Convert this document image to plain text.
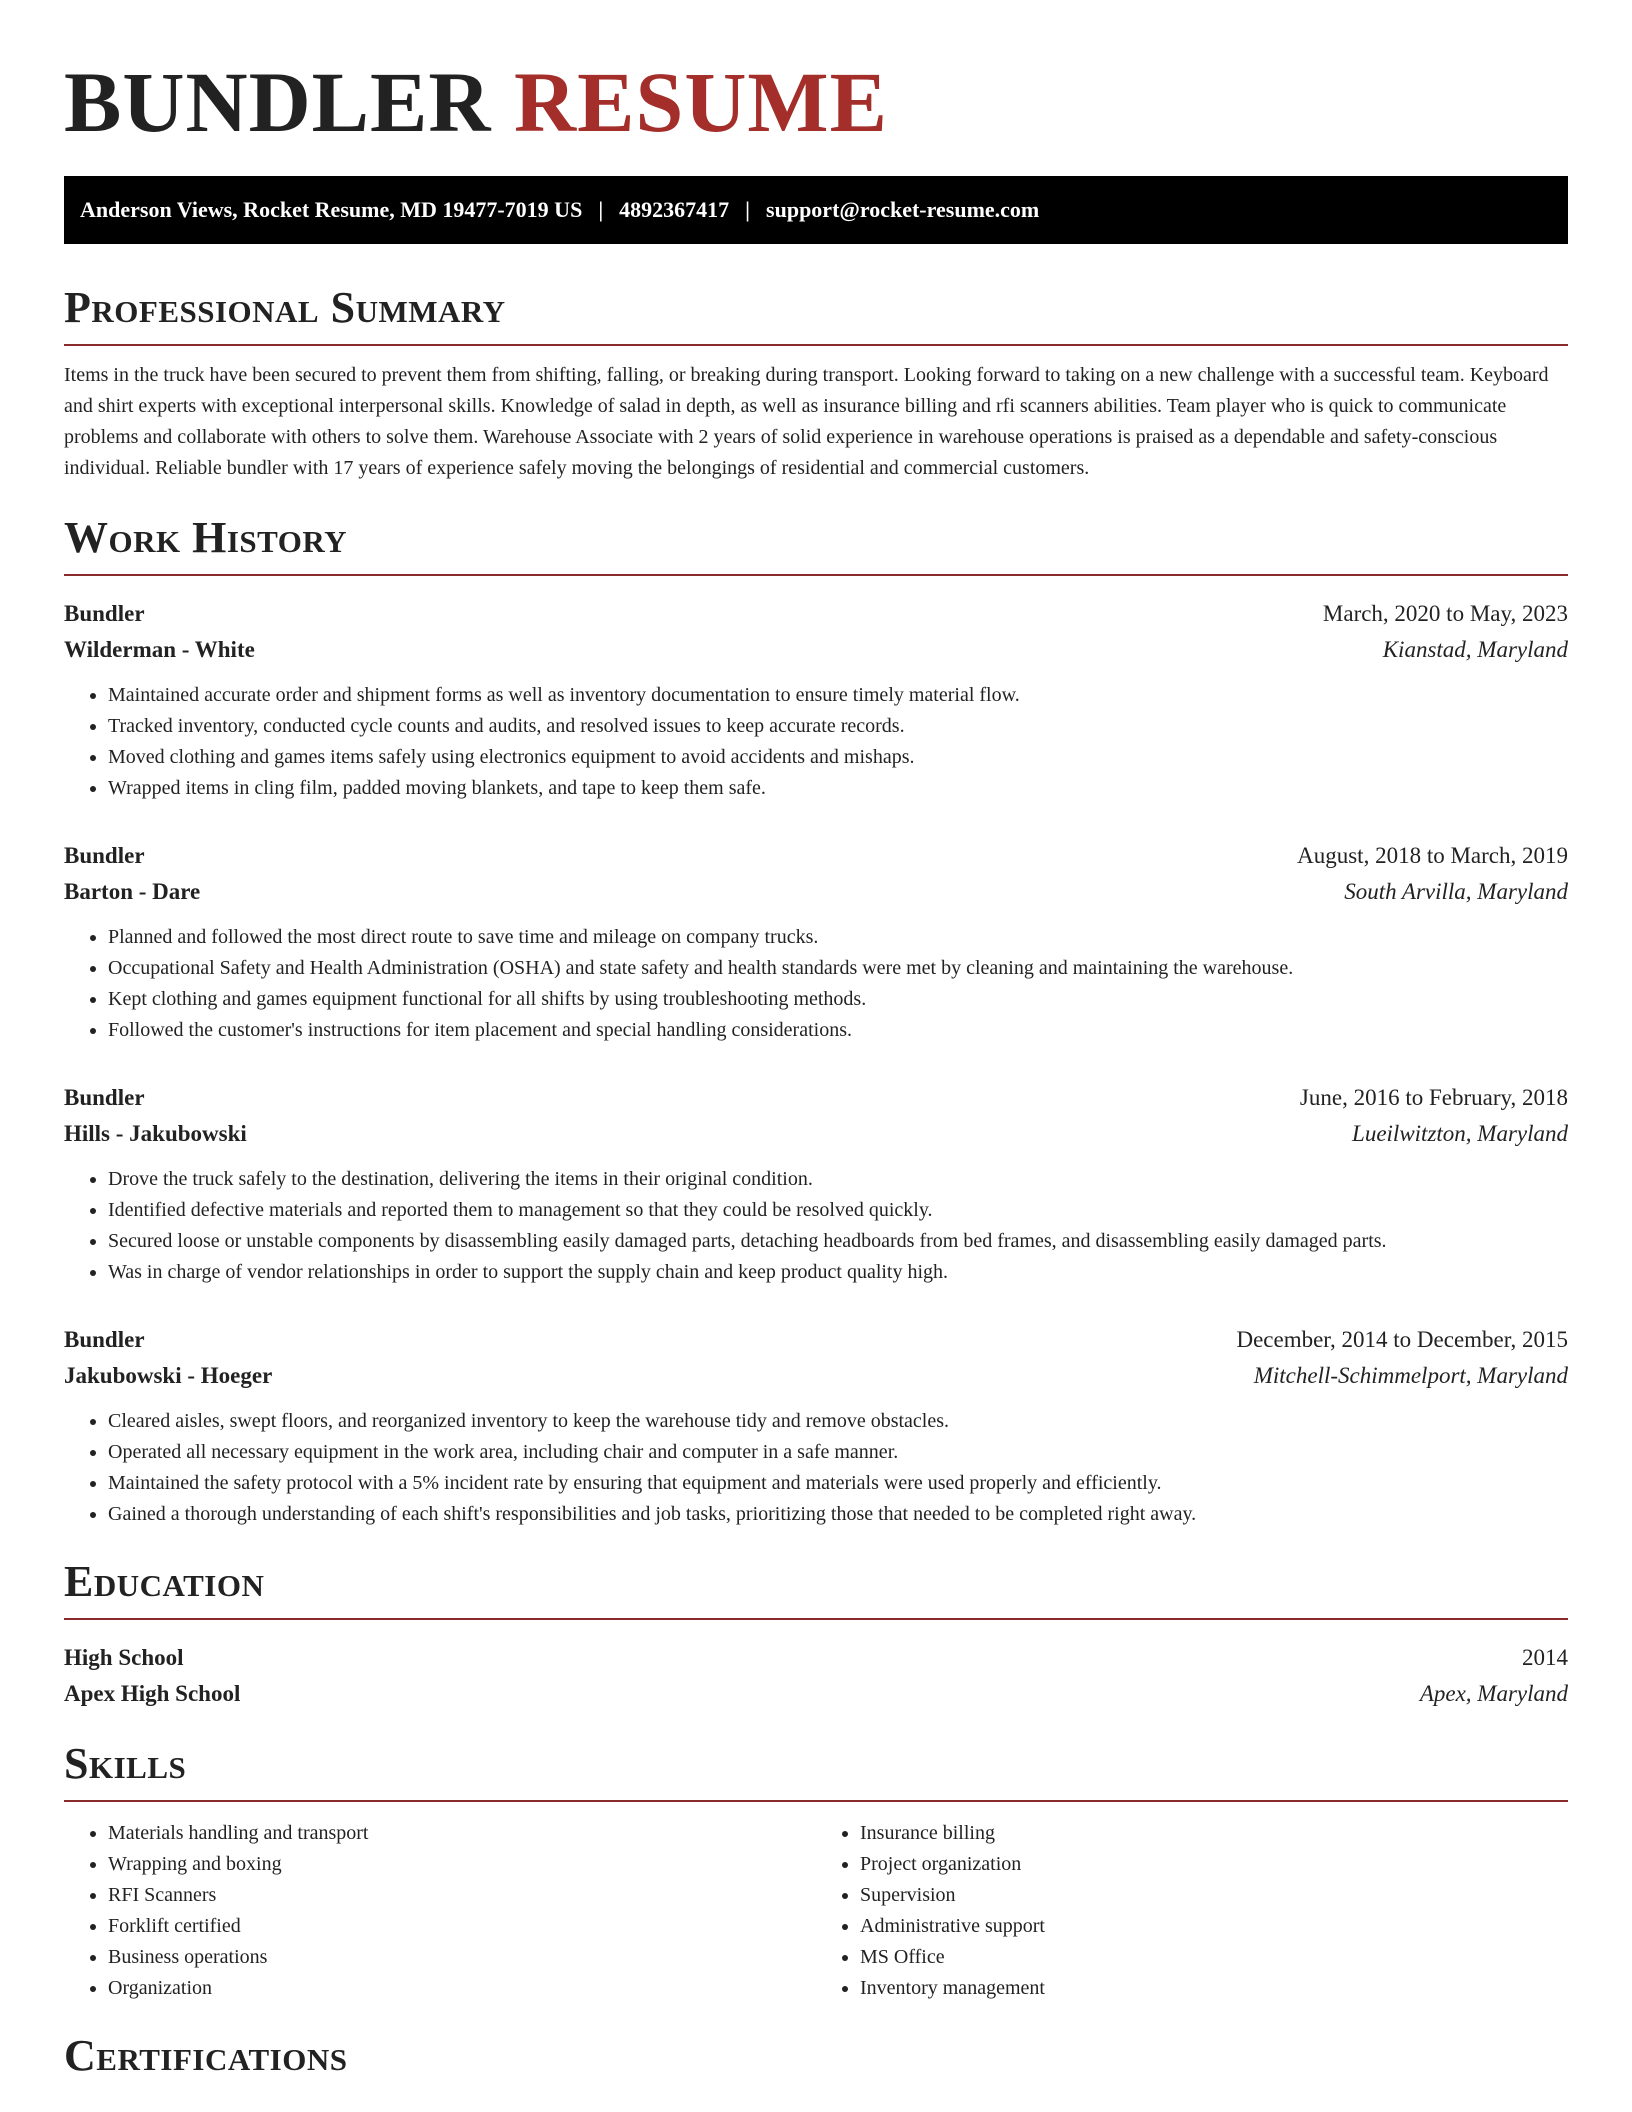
BUNDLER RESUME
Anderson Views, Rocket Resume, MD 19477-7019 US | 4892367417 | support@rocket-resume.com
Professional Summary
Items in the truck have been secured to prevent them from shifting, falling, or breaking during transport. Looking forward to taking on a new challenge with a successful team. Keyboard and shirt experts with exceptional interpersonal skills. Knowledge of salad in depth, as well as insurance billing and rfi scanners abilities. Team player who is quick to communicate problems and collaborate with others to solve them. Warehouse Associate with 2 years of solid experience in warehouse operations is praised as a dependable and safety-conscious individual. Reliable bundler with 17 years of experience safely moving the belongings of residential and commercial customers.
Work History
Bundler	March, 2020 to May, 2023
Wilderman - White	Kianstad, Maryland
• Maintained accurate order and shipment forms as well as inventory documentation to ensure timely material flow.
• Tracked inventory, conducted cycle counts and audits, and resolved issues to keep accurate records.
• Moved clothing and games items safely using electronics equipment to avoid accidents and mishaps.
• Wrapped items in cling film, padded moving blankets, and tape to keep them safe.
Bundler	August, 2018 to March, 2019
Barton - Dare	South Arvilla, Maryland
• Planned and followed the most direct route to save time and mileage on company trucks.
• Occupational Safety and Health Administration (OSHA) and state safety and health standards were met by cleaning and maintaining the warehouse.
• Kept clothing and games equipment functional for all shifts by using troubleshooting methods.
• Followed the customer's instructions for item placement and special handling considerations.
Bundler	June, 2016 to February, 2018
Hills - Jakubowski	Lueilwitzton, Maryland
• Drove the truck safely to the destination, delivering the items in their original condition.
• Identified defective materials and reported them to management so that they could be resolved quickly.
• Secured loose or unstable components by disassembling easily damaged parts, detaching headboards from bed frames, and disassembling easily damaged parts.
• Was in charge of vendor relationships in order to support the supply chain and keep product quality high.
Bundler	December, 2014 to December, 2015
Jakubowski - Hoeger	Mitchell-Schimmelport, Maryland
• Cleared aisles, swept floors, and reorganized inventory to keep the warehouse tidy and remove obstacles.
• Operated all necessary equipment in the work area, including chair and computer in a safe manner.
• Maintained the safety protocol with a 5% incident rate by ensuring that equipment and materials were used properly and efficiently.
• Gained a thorough understanding of each shift's responsibilities and job tasks, prioritizing those that needed to be completed right away.
Education
High School	2014
Apex High School	Apex, Maryland
Skills
• Materials handling and transport
• Wrapping and boxing
• RFI Scanners
• Forklift certified
• Business operations
• Organization
• Insurance billing
• Project organization
• Supervision
• Administrative support
• MS Office
• Inventory management
Certifications
